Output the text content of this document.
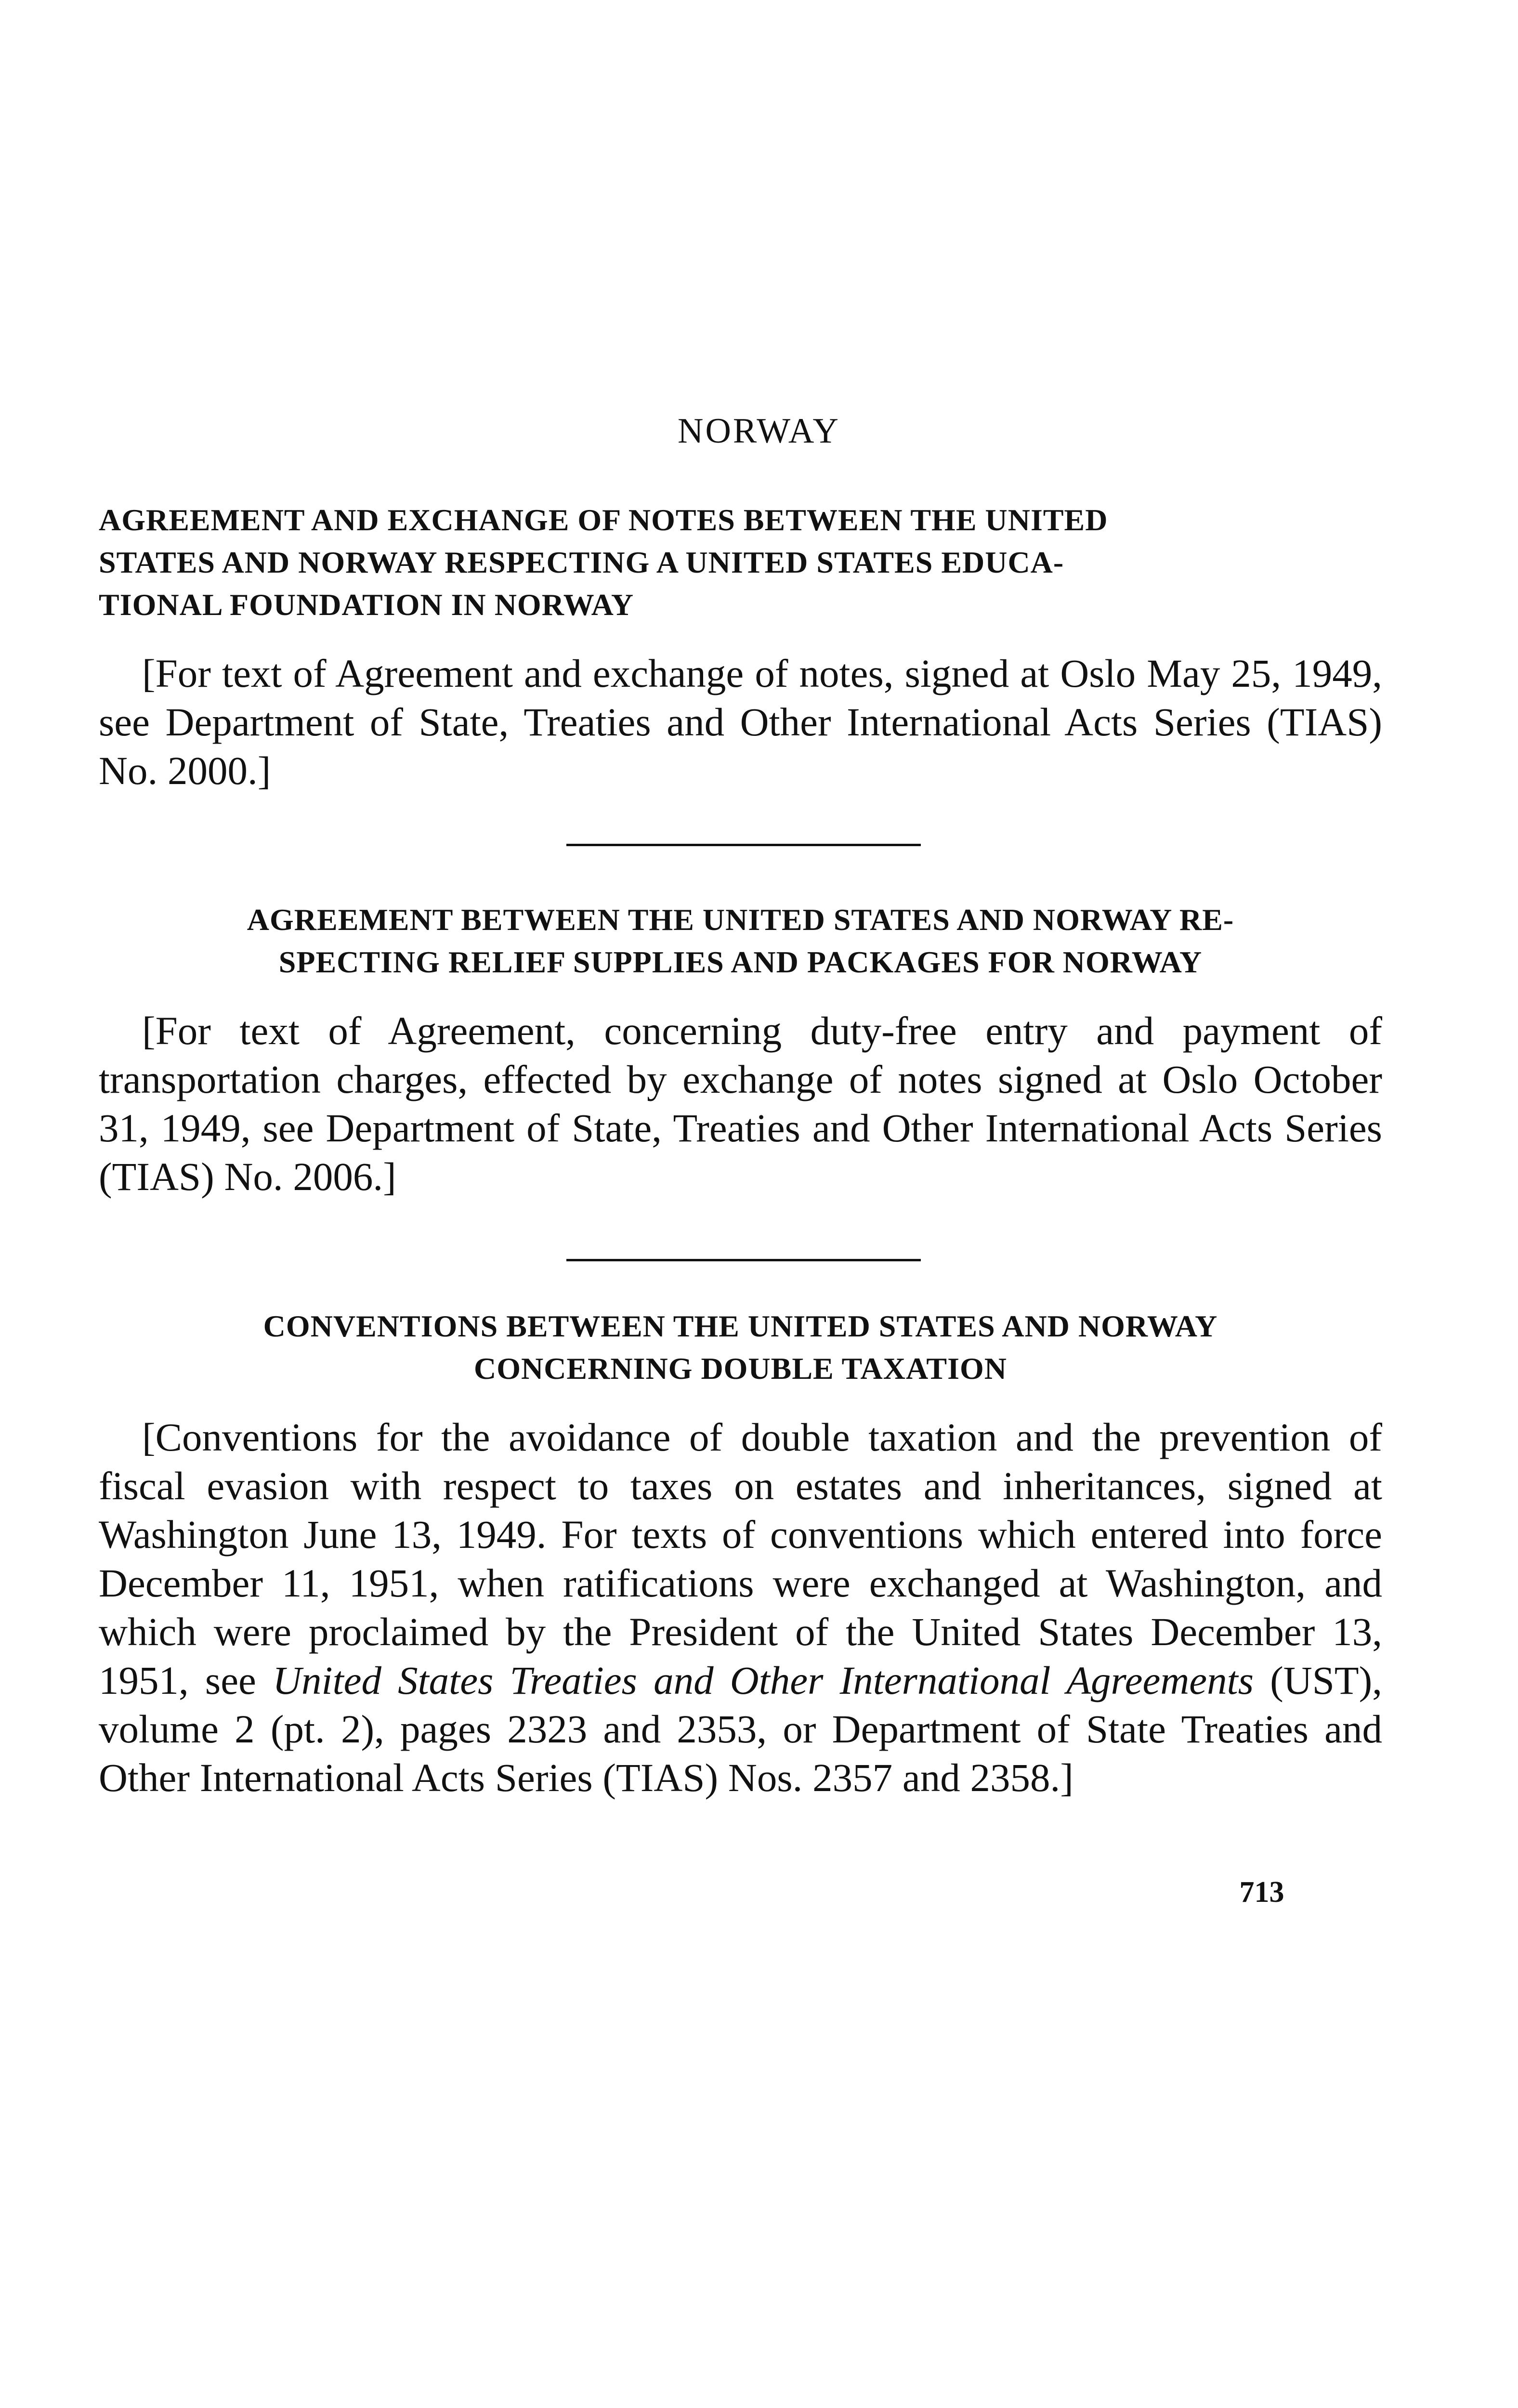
NORWAY

AGREEMENT AND EXCHANGE OF NOTES BETWEEN THE UNITED
STATES AND NORWAY RESPECTING A UNITED STATES EDUCA-
TIONAL FOUNDATION IN NORWAY

[For text of Agreement and exchange of notes, signed at Oslo May 25, 1949, see Department of State, Treaties and Other International Acts Series (TIAS) No. 2000.]

AGREEMENT BETWEEN THE UNITED STATES AND NORWAY RE-
SPECTING RELIEF SUPPLIES AND PACKAGES FOR NORWAY

[For text of Agreement, concerning duty-free entry and payment of transportation charges, effected by exchange of notes signed at Oslo October 31, 1949, see Department of State, Treaties and Other International Acts Series (TIAS) No. 2006.]

CONVENTIONS BETWEEN THE UNITED STATES AND NORWAY
CONCERNING DOUBLE TAXATION

[Conventions for the avoidance of double taxation and the prevention of fiscal evasion with respect to taxes on estates and inheritances, signed at Washington June 13, 1949. For texts of conventions which entered into force December 11, 1951, when ratifications were exchanged at Washington, and which were proclaimed by the President of the United States December 13, 1951, see United States Treaties and Other International Agreements (UST), volume 2 (pt. 2), pages 2323 and 2353, or Department of State Treaties and Other International Acts Series (TIAS) Nos. 2357 and 2358.]

713
